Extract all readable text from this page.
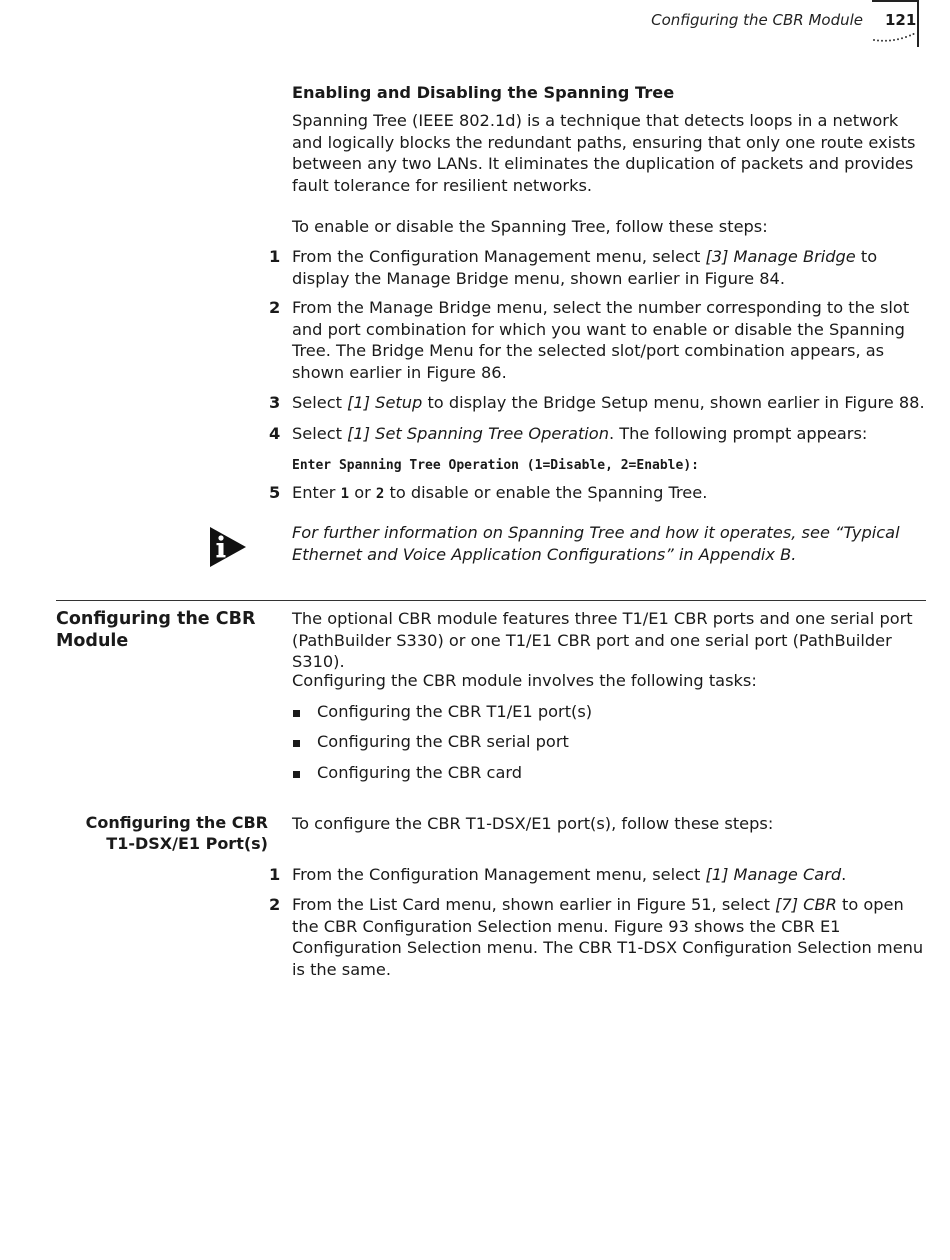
Configuring the CBR Module 121
Enabling and Disabling the Spanning Tree
Spanning Tree (IEEE 802.1d) is a technique that detects loops in a network and logically blocks the redundant paths, ensuring that only one route exists between any two LANs. It eliminates the duplication of packets and provides fault tolerance for resilient networks.
To enable or disable the Spanning Tree, follow these steps:
1 From the Configuration Management menu, select [3] Manage Bridge to display the Manage Bridge menu, shown earlier in Figure 84.
2 From the Manage Bridge menu, select the number corresponding to the slot and port combination for which you want to enable or disable the Spanning Tree. The Bridge Menu for the selected slot/port combination appears, as shown earlier in Figure 86.
3 Select [1] Setup to display the Bridge Setup menu, shown earlier in Figure 88.
4 Select [1] Set Spanning Tree Operation. The following prompt appears:
Enter Spanning Tree Operation (1=Disable, 2=Enable):
5 Enter 1 or 2 to disable or enable the Spanning Tree.
For further information on Spanning Tree and how it operates, see “Typical Ethernet and Voice Application Configurations” in Appendix B.
Configuring the CBR Module
The optional CBR module features three T1/E1 CBR ports and one serial port (PathBuilder S330) or one T1/E1 CBR port and one serial port (PathBuilder S310).
Configuring the CBR module involves the following tasks:
Configuring the CBR T1/E1 port(s)
Configuring the CBR serial port
Configuring the CBR card
Configuring the CBR
T1-DSX/E1 Port(s)
To configure the CBR T1-DSX/E1 port(s), follow these steps:
1 From the Configuration Management menu, select [1] Manage Card.
2 From the List Card menu, shown earlier in Figure 51, select [7] CBR to open the CBR Configuration Selection menu. Figure 93 shows the CBR E1 Configuration Selection menu. The CBR T1-DSX Configuration Selection menu is the same.
